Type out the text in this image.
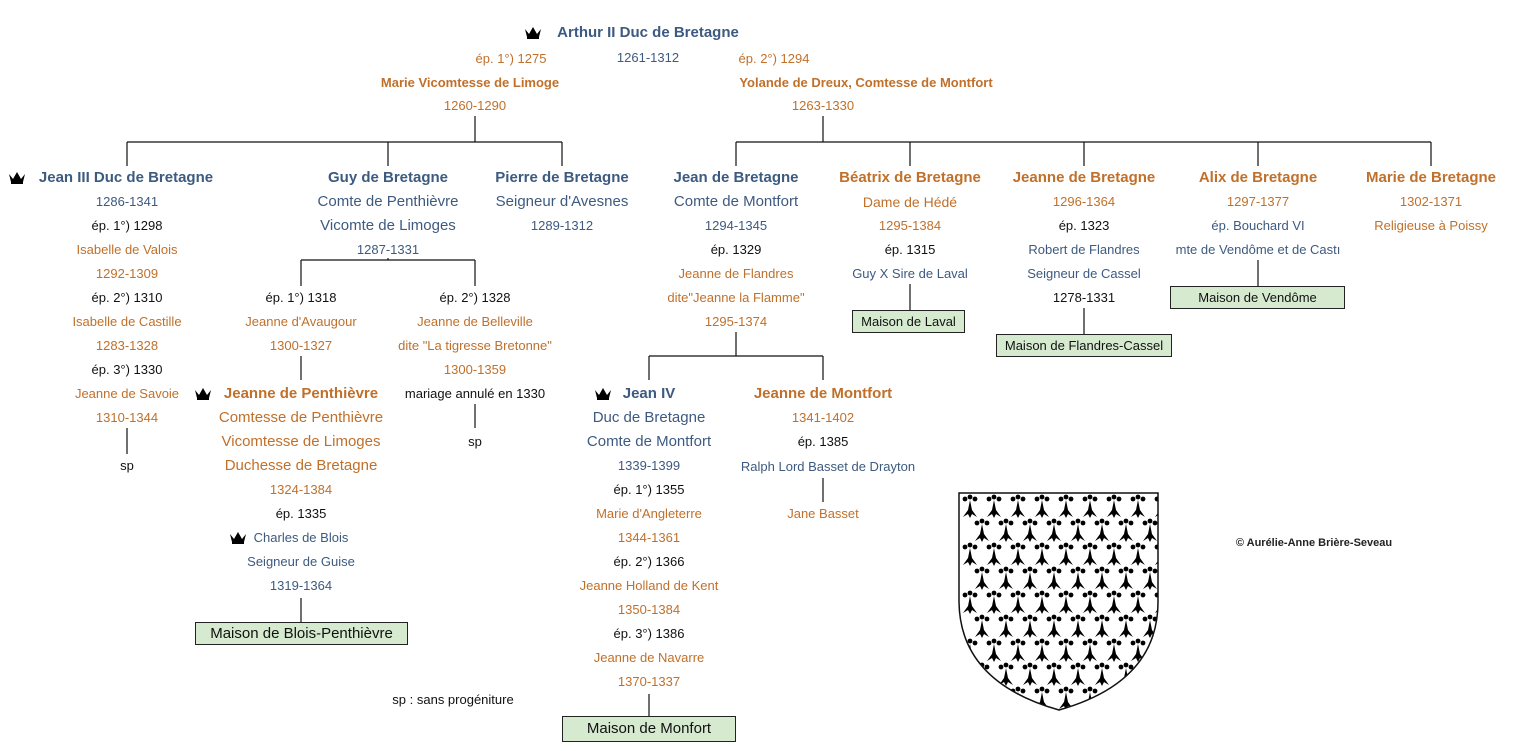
Arthur II Duc de Bretagne
1261-1312
ép. 1°) 1275
Marie Vicomtesse de Limoge
1260-1290
ép. 2°) 1294
Yolande de Dreux, Comtesse de Montfort
1263-1330
Jean III Duc de Bretagne
1286-1341
ép. 1°) 1298
Isabelle de Valois
1292-1309
ép. 2°) 1310
Isabelle de Castille
1283-1328
ép. 3°) 1330
Jeanne de Savoie
1310-1344
sp
Guy de Bretagne
Comte de Penthièvre
Vicomte de Limoges
1287-1331
ép. 1°) 1318
Jeanne d'Avaugour
1300-1327
ép. 2°) 1328
Jeanne de Belleville
dite "La tigresse Bretonne"
1300-1359
mariage annulé en 1330
sp
Jeanne de Penthièvre
Comtesse de Penthièvre
Vicomtesse de Limoges
Duchesse de Bretagne
1324-1384
ép. 1335
Charles de Blois
Seigneur de Guise
1319-1364
Maison de Blois-Penthièvre
Pierre de Bretagne
Seigneur d'Avesnes
1289-1312
Jean de Bretagne
Comte de Montfort
1294-1345
ép. 1329
Jeanne de Flandres
dite"Jeanne la Flamme"
1295-1374
Jean IV
Duc de Bretagne
Comte de Montfort
1339-1399
ép. 1°) 1355
Marie d'Angleterre
1344-1361
ép. 2°) 1366
Jeanne Holland de Kent
1350-1384
ép. 3°) 1386
Jeanne de Navarre
1370-1337
Maison de Monfort
Jeanne de Montfort
1341-1402
ép. 1385
Ralph Lord Basset de Drayton
Jane Basset
Béatrix de Bretagne
Dame de Hédé
1295-1384
ép. 1315
Guy X Sire de Laval
Maison de Laval
Jeanne de Bretagne
1296-1364
ép. 1323
Robert de Flandres
Seigneur de Cassel
1278-1331
Maison de Flandres-Cassel
Alix de Bretagne
1297-1377
ép. Bouchard VI
mte de Vendôme et de Castı
Maison de Vendôme
Marie de Bretagne
1302-1371
Religieuse à Poissy
sp : sans progéniture
© Aurélie-Anne Brière-Seveau
